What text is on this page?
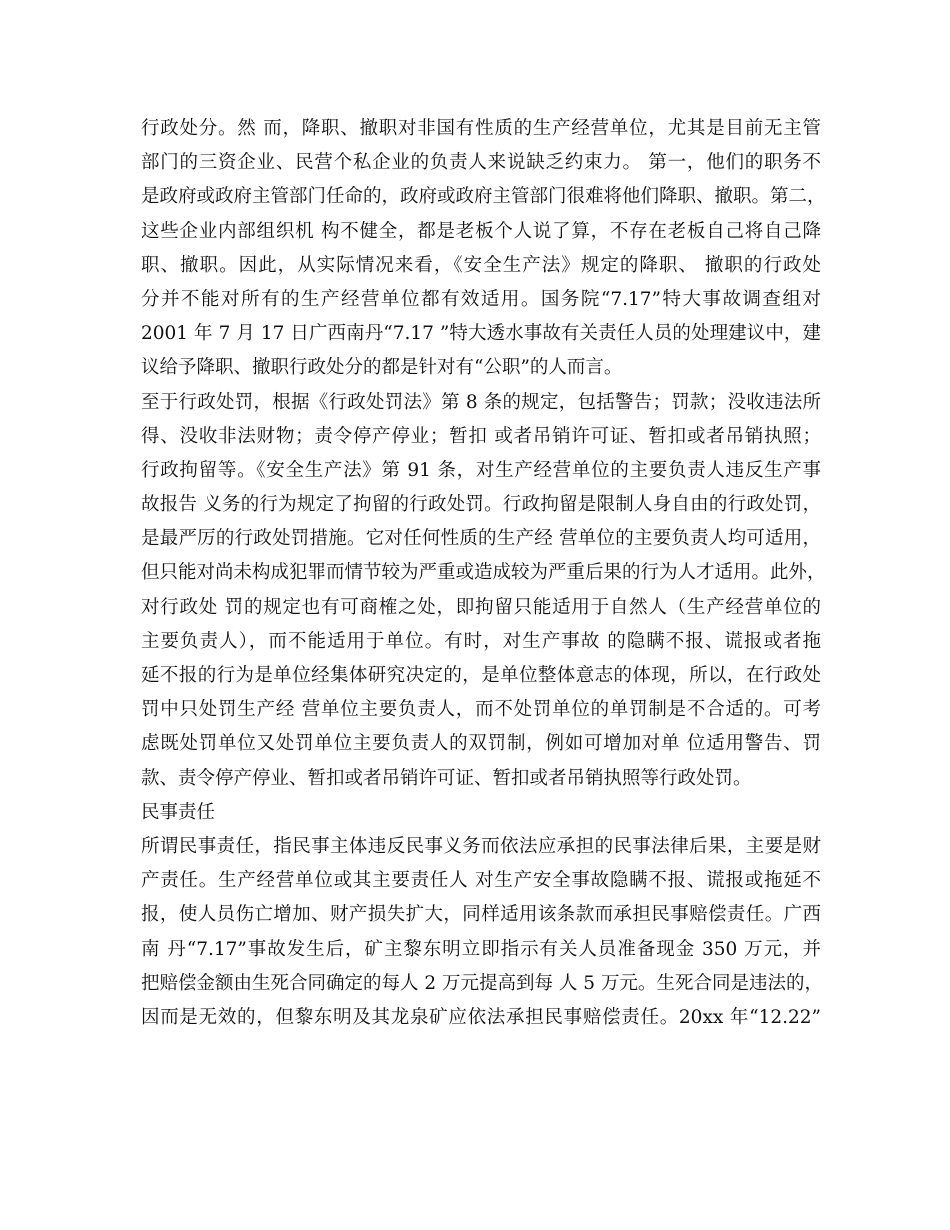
行政处分。然 而，降职、撤职对非国有性质的生产经营单位，尤其是目前无主管
部门的三资企业、民营个私企业的负责人来说缺乏约束力。 第一，他们的职务不
是政府或政府主管部门任命的，政府或政府主管部门很难将他们降职、撤职。第二，
这些企业内部组织机 构不健全，都是老板个人说了算，不存在老板自己将自己降
职、撤职。因此，从实际情况来看，《安全生产法》规定的降职、 撤职的行政处
分并不能对所有的生产经营单位都有效适用。国务院“7.17”特大事故调查组对
2001 年 7 月 17 日广西南丹“7.17 ”特大透水事故有关责任人员的处理建议中，建
议给予降职、撤职行政处分的都是针对有“公职”的人而言。
至于行政处罚，根据《行政处罚法》第 8 条的规定，包括警告；罚款；没收违法所
得、没收非法财物；责令停产停业；暂扣 或者吊销许可证、暂扣或者吊销执照；
行政拘留等。《安全生产法》第 91 条，对生产经营单位的主要负责人违反生产事
故报告 义务的行为规定了拘留的行政处罚。行政拘留是限制人身自由的行政处罚，
是最严厉的行政处罚措施。它对任何性质的生产经 营单位的主要负责人均可适用，
但只能对尚未构成犯罪而情节较为严重或造成较为严重后果的行为人才适用。此外，
对行政处 罚的规定也有可商榷之处，即拘留只能适用于自然人（生产经营单位的
主要负责人），而不能适用于单位。有时，对生产事故 的隐瞒不报、谎报或者拖
延不报的行为是单位经集体研究决定的，是单位整体意志的体现，所以，在行政处
罚中只处罚生产经 营单位主要负责人，而不处罚单位的单罚制是不合适的。可考
虑既处罚单位又处罚单位主要负责人的双罚制，例如可增加对单 位适用警告、罚
款、责令停产停业、暂扣或者吊销许可证、暂扣或者吊销执照等行政处罚。
民事责任
所谓民事责任，指民事主体违反民事义务而依法应承担的民事法律后果，主要是财
产责任。生产经营单位或其主要责任人 对生产安全事故隐瞒不报、谎报或拖延不
报，使人员伤亡增加、财产损失扩大，同样适用该条款而承担民事赔偿责任。广西
南 丹“7.17”事故发生后，矿主黎东明立即指示有关人员准备现金 350 万元，并
把赔偿金额由生死合同确定的每人 2 万元提高到每 人 5 万元。生死合同是违法的，
因而是无效的，但黎东明及其龙泉矿应依法承担民事赔偿责任。20xx 年“12.22”
